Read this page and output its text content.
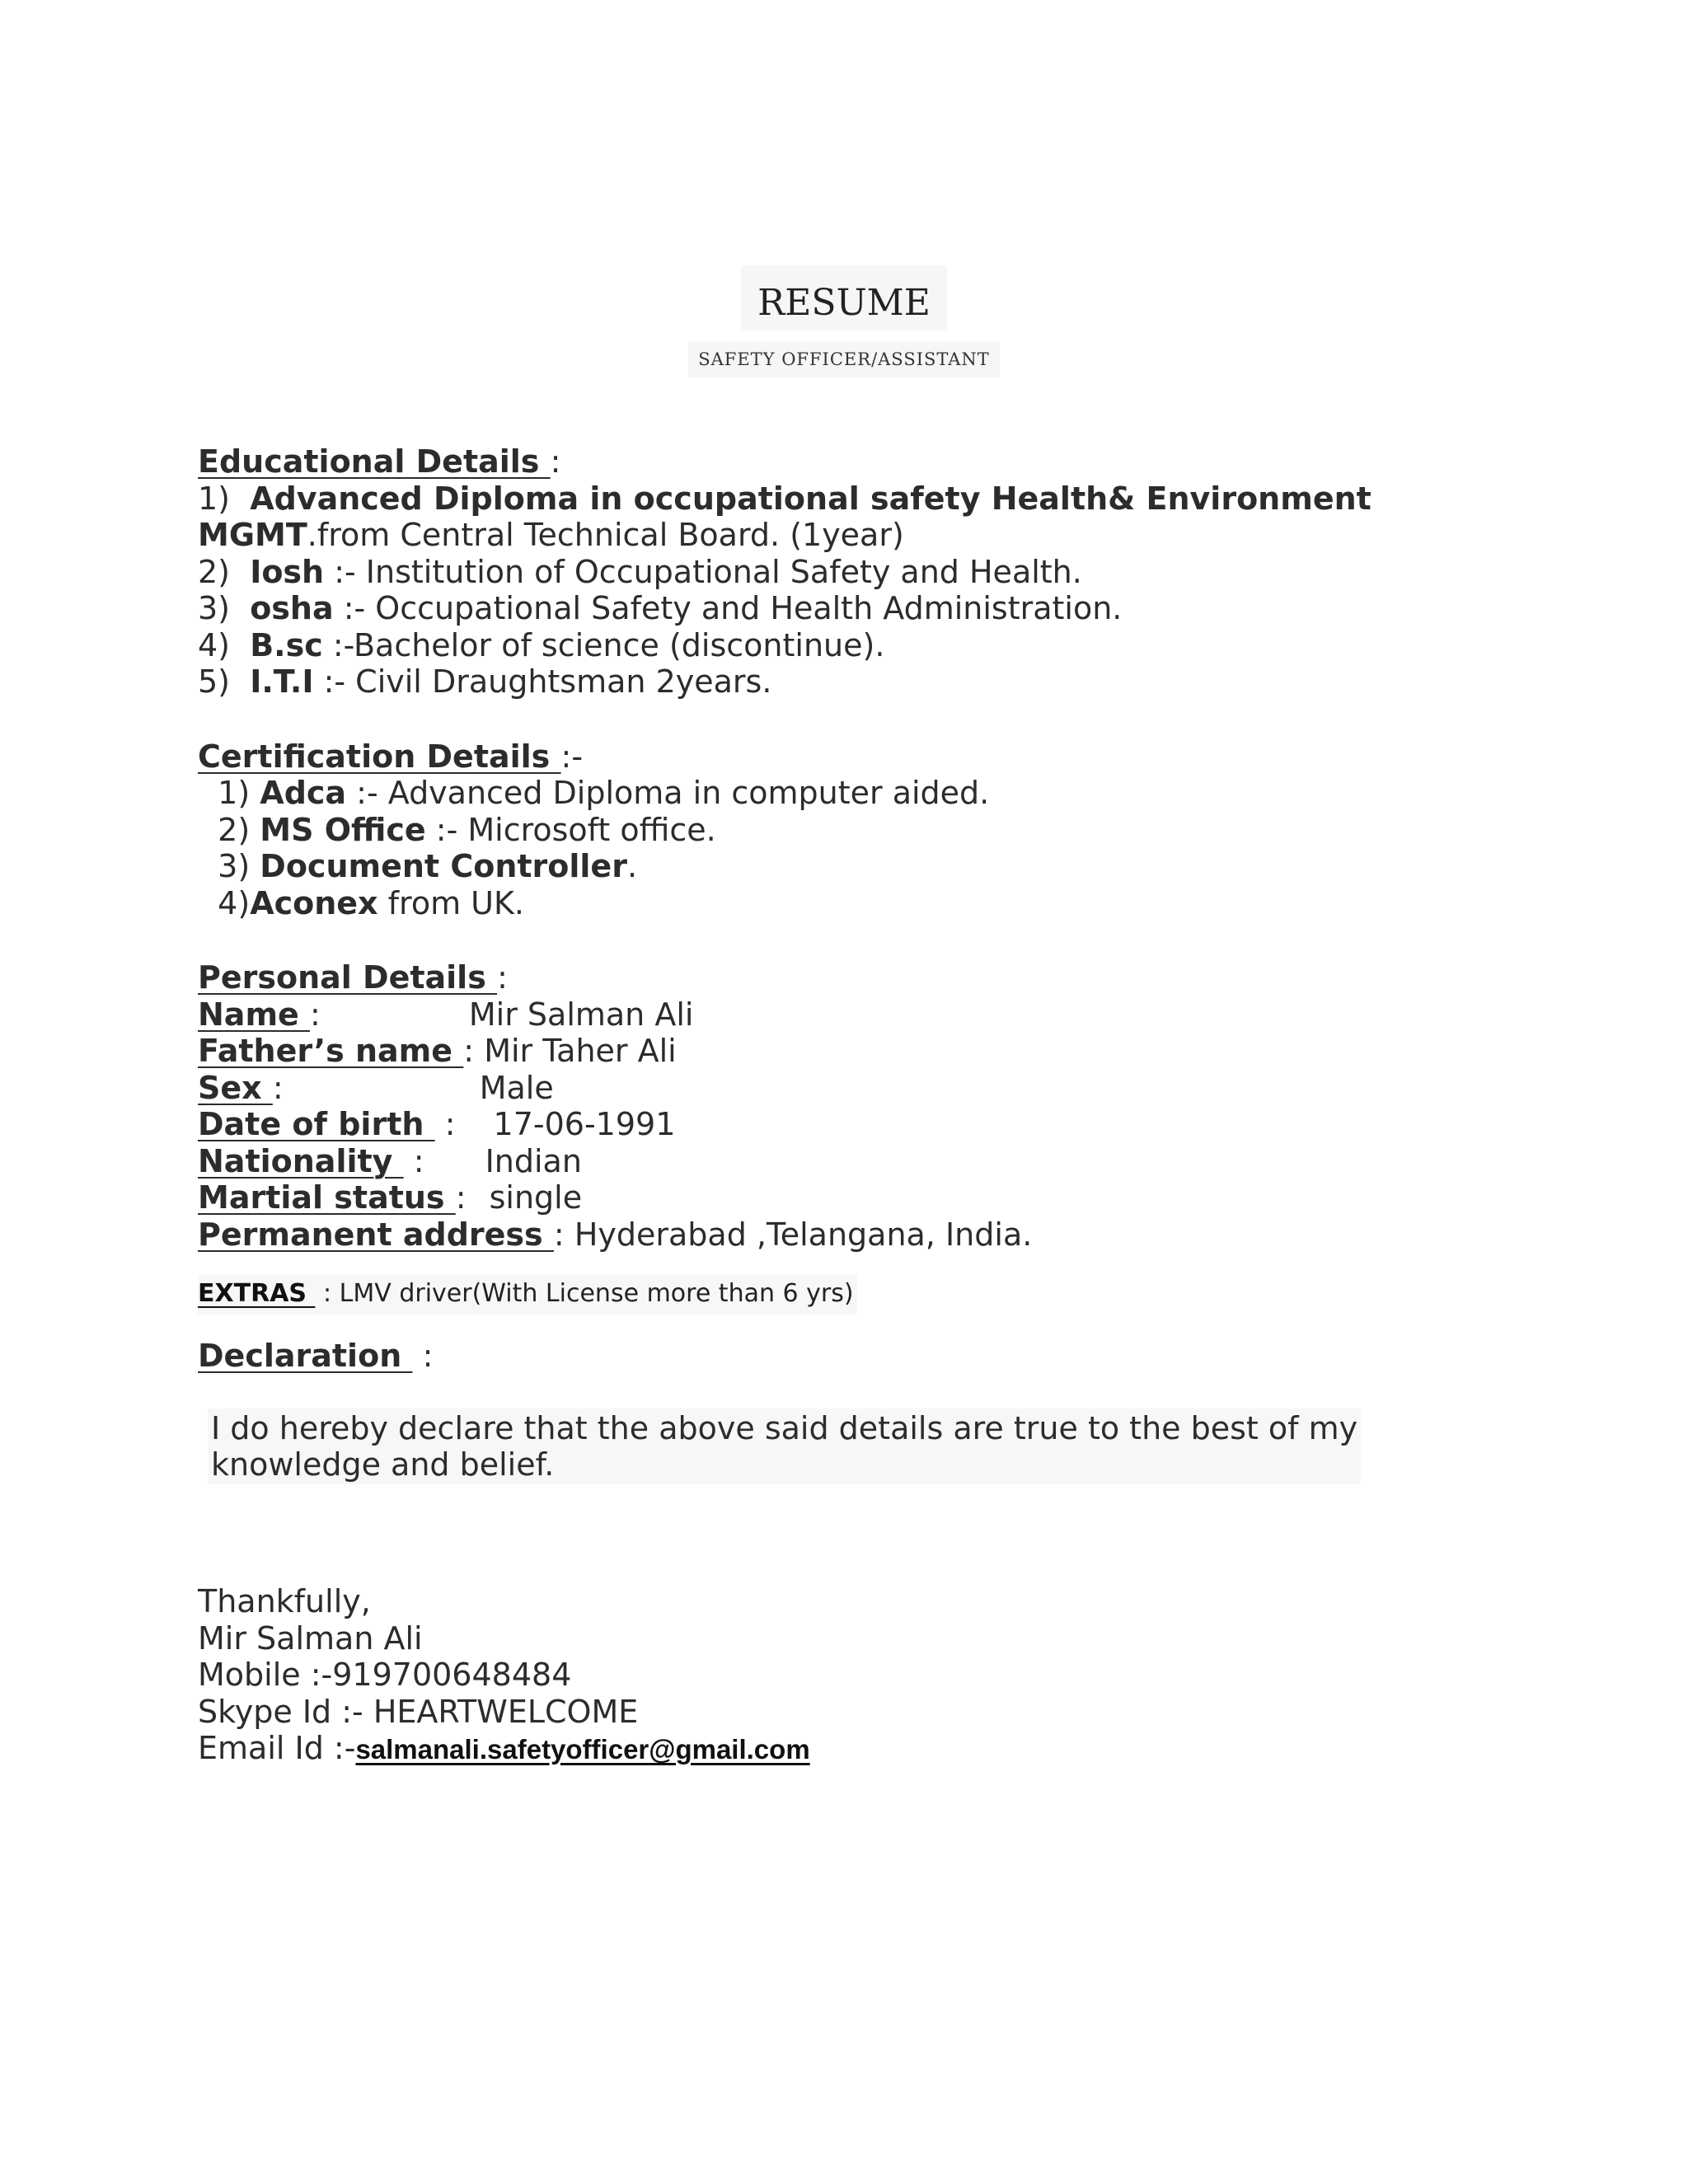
RESUME
SAFETY OFFICER/ASSISTANT
Educational Details :
1) Advanced Diploma in occupational safety Health& Environment
MGMT.from Central Technical Board. (1year)
2) Iosh :- Institution of Occupational Safety and Health.
3) osha :- Occupational Safety and Health Administration.
4) B.sc :-Bachelor of science (discontinue).
5) I.T.I :- Civil Draughtsman 2years.
Certification Details :-
1) Adca :- Advanced Diploma in computer aided.
2) MS Office :- Microsoft office.
3) Document Controller.
4)Aconex from UK.
Personal Details :
Name :	Mir Salman Ali
Father’s name : Mir Taher Ali
Sex :	Male
Date of birth  : 17-06-1991
Nationality  : Indian
Martial status : single
Permanent address : Hyderabad ,Telangana, India.
EXTRAS  : LMV driver(With License more than 6 yrs)
Declaration  :
I do hereby declare that the above said details are true to the best of my
knowledge and belief.
Thankfully,
Mir Salman Ali
Mobile :-919700648484
Skype Id :- HEARTWELCOME
Email Id :-salmanali.safetyofficer@gmail.com
